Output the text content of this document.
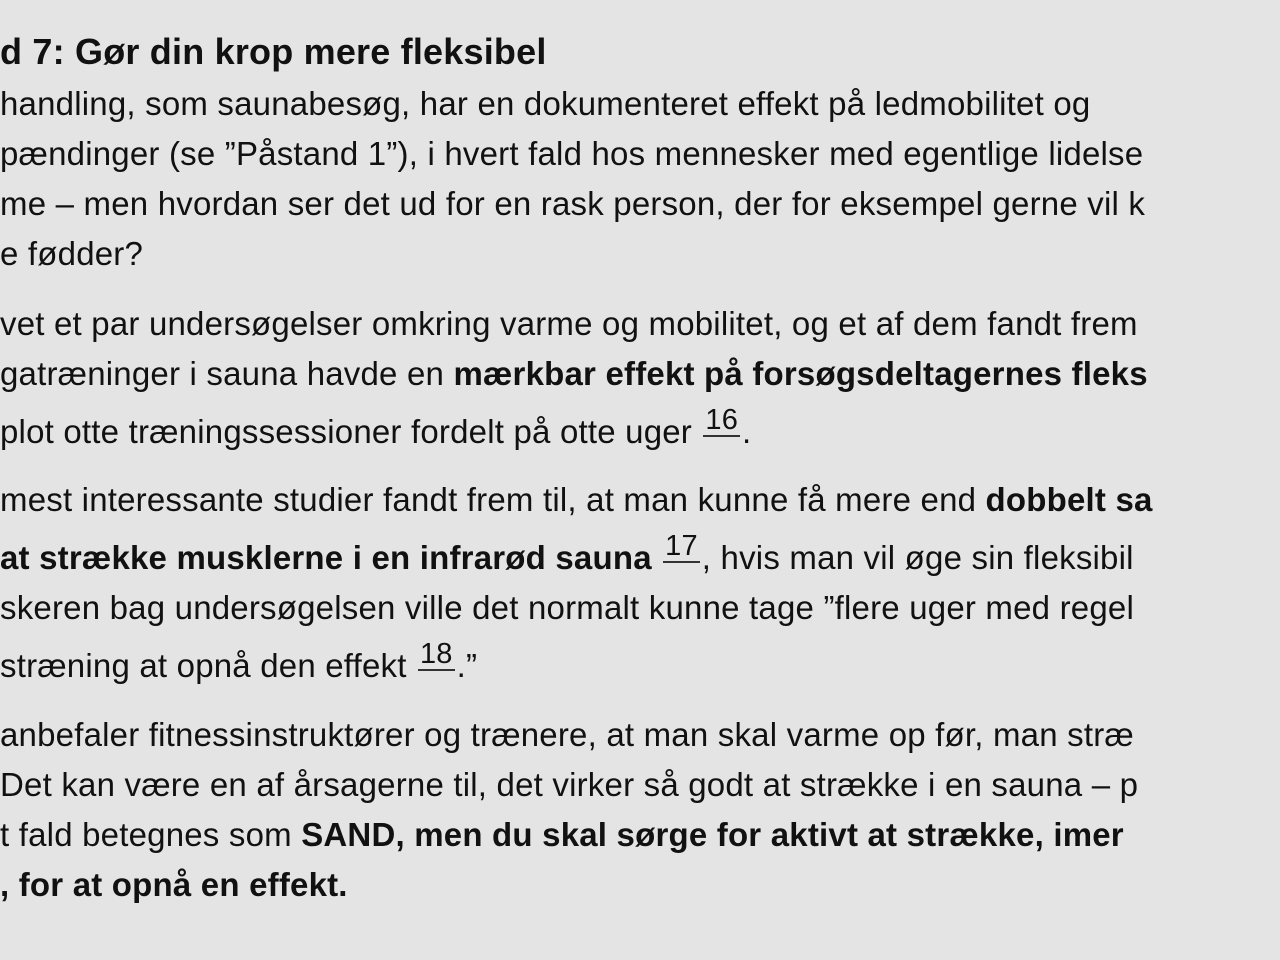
d 7: Gør din krop mere fleksibel
handling, som saunabesøg, har en dokumenteret effekt på ledmobilitet og
pændinger (se ”Påstand 1”), i hvert fald hos mennesker med egentlige lidelse
me – men hvordan ser det ud for en rask person, der for eksempel gerne vil k
e fødder?
vet et par undersøgelser omkring varme og mobilitet, og et af dem fandt frem
gatræninger i sauna havde en mærkbar effekt på forsøgsdeltagernes fleks
plot otte træningssessioner fordelt på otte uger 16 .
mest interessante studier fandt frem til, at man kunne få mere end dobbelt sa
at strække musklerne i en infrarød sauna 17 , hvis man vil øge sin fleksibil
skeren bag undersøgelsen ville det normalt kunne tage ”flere uger med regel
stræning at opnå den effekt 18 .”
anbefaler fitnessinstruktører og trænere, at man skal varme op før, man stræ
Det kan være en af årsagerne til, det virker så godt at strække i en sauna – p
t fald betegnes som SAND, men du skal sørge for aktivt at strække, imer
, for at opnå en effekt.
